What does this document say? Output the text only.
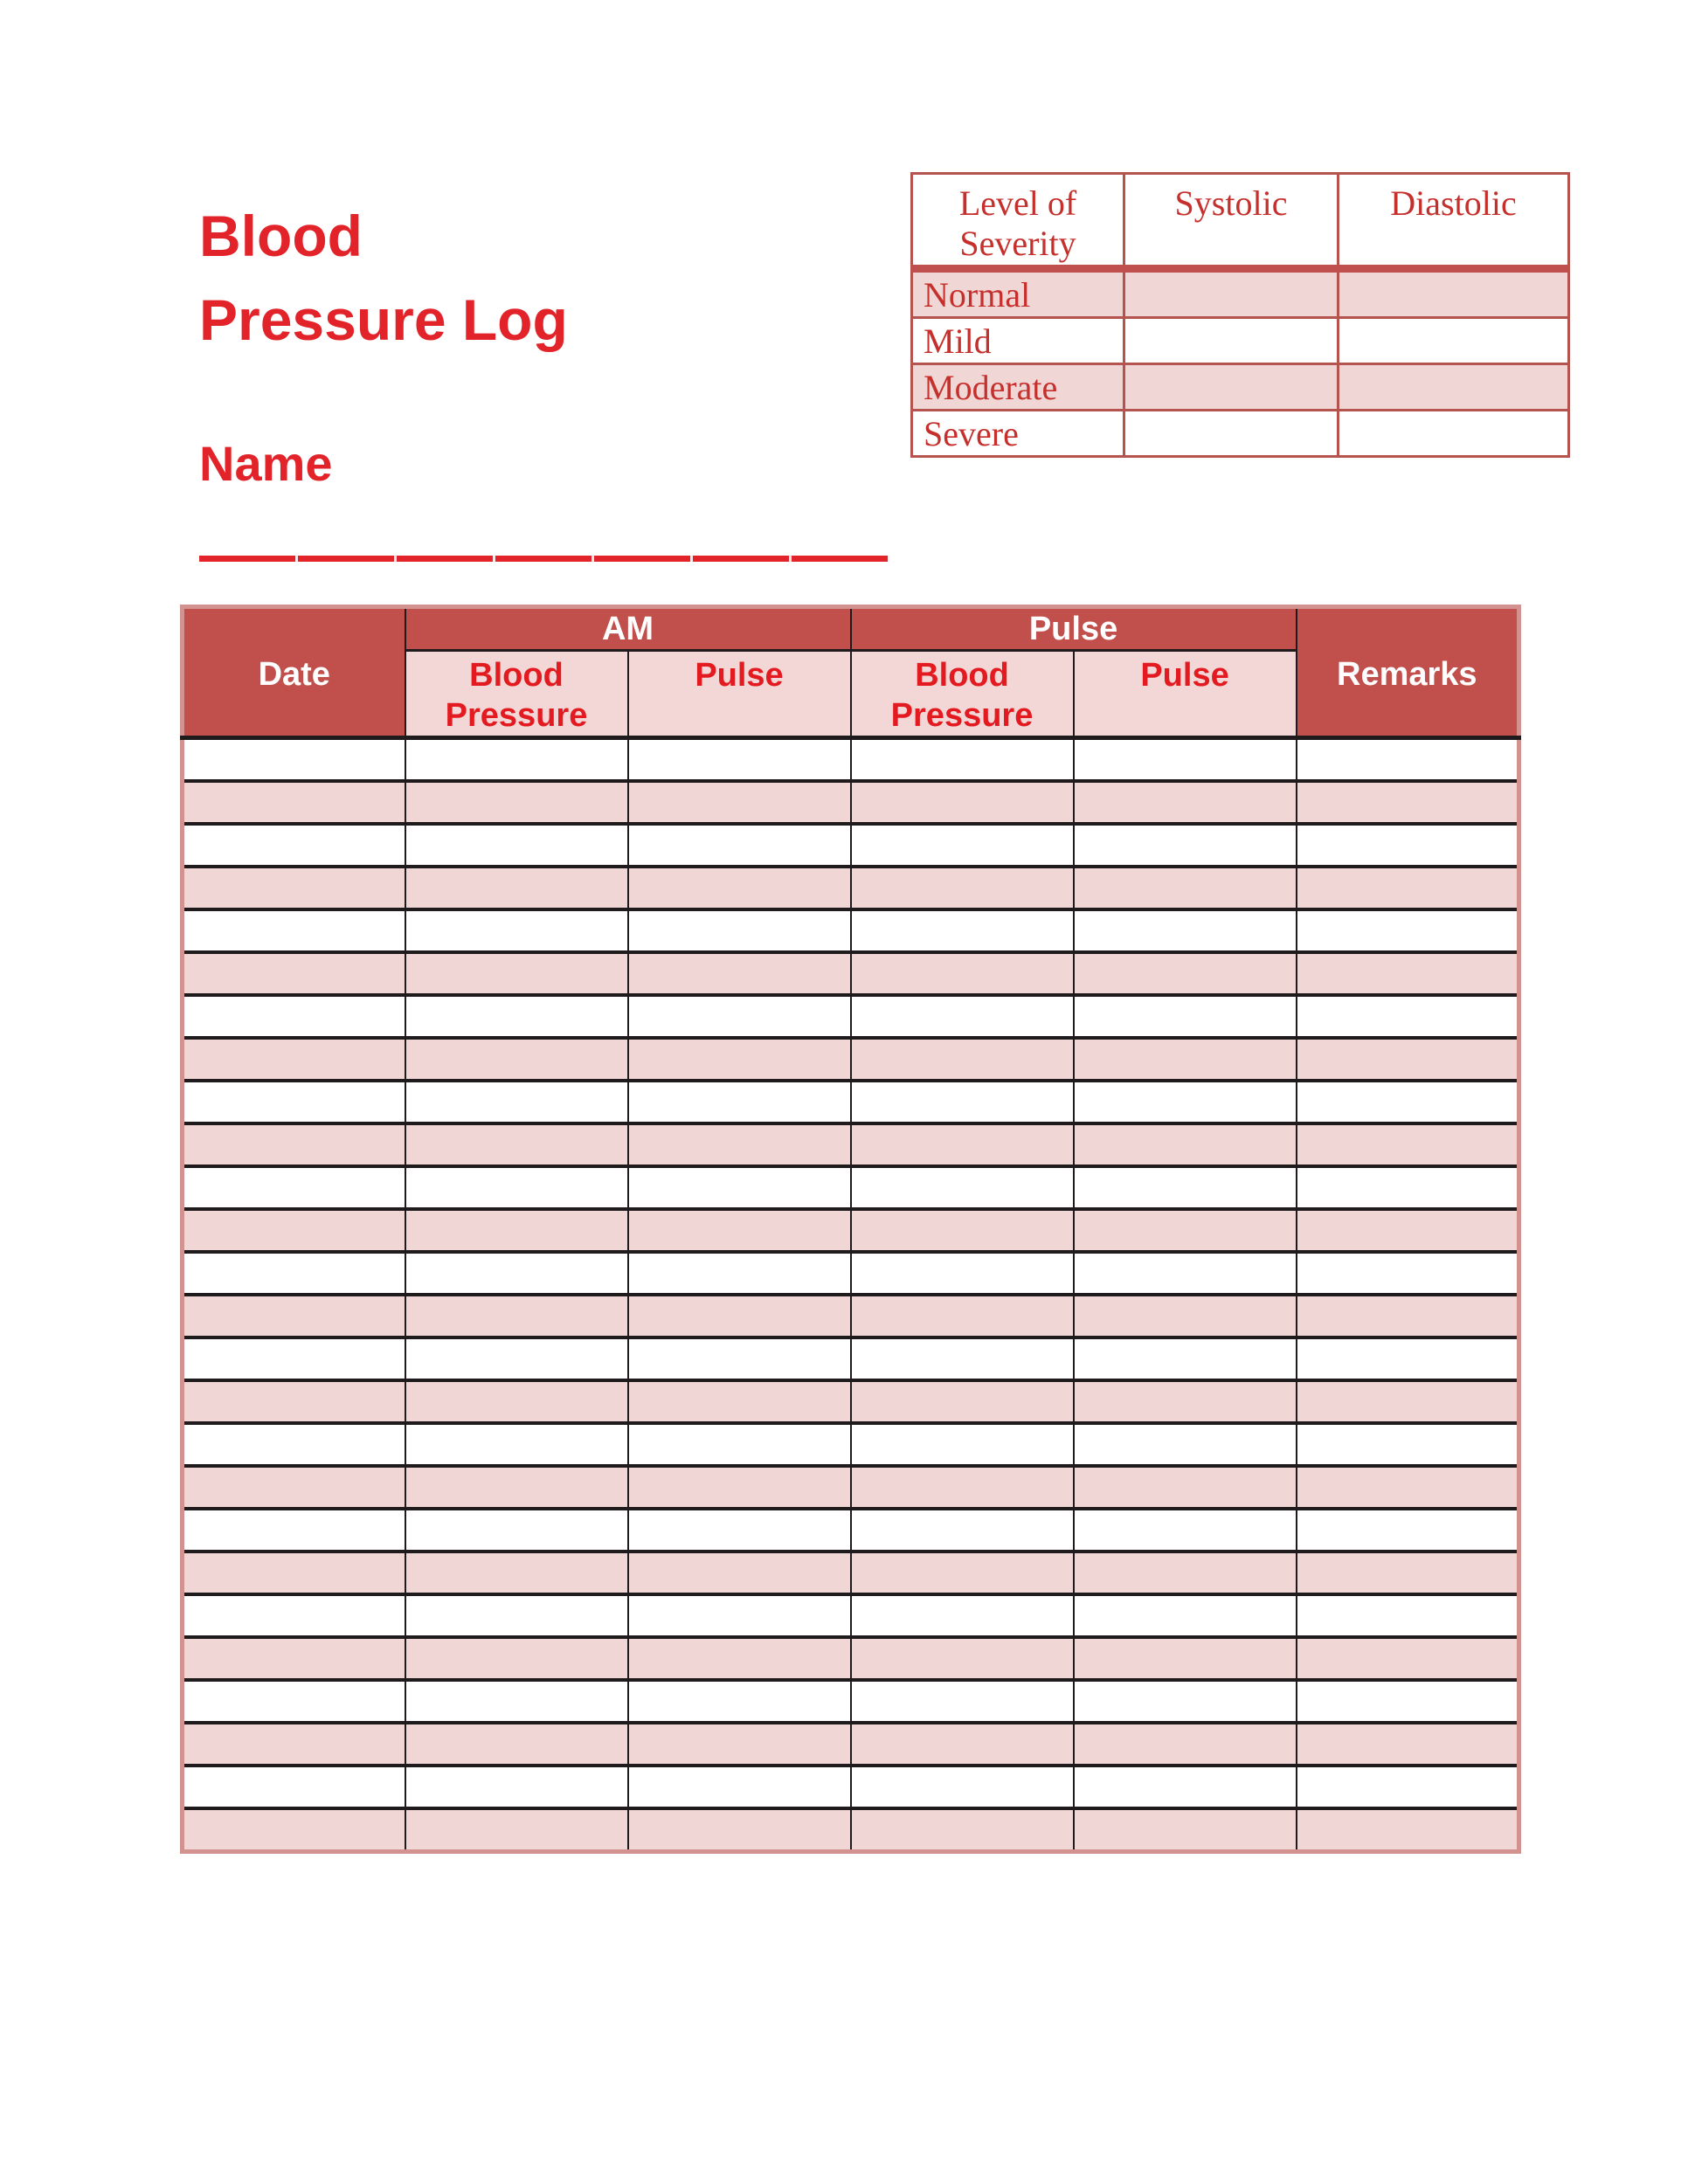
Blood
Pressure Log
Name
Level of Severity	Systolic	Diastolic
Normal		
Mild		
Moderate		
Severe		
Date	AM		Pulse		Remarks
	Blood Pressure	Pulse	Blood Pressure	Pulse	
